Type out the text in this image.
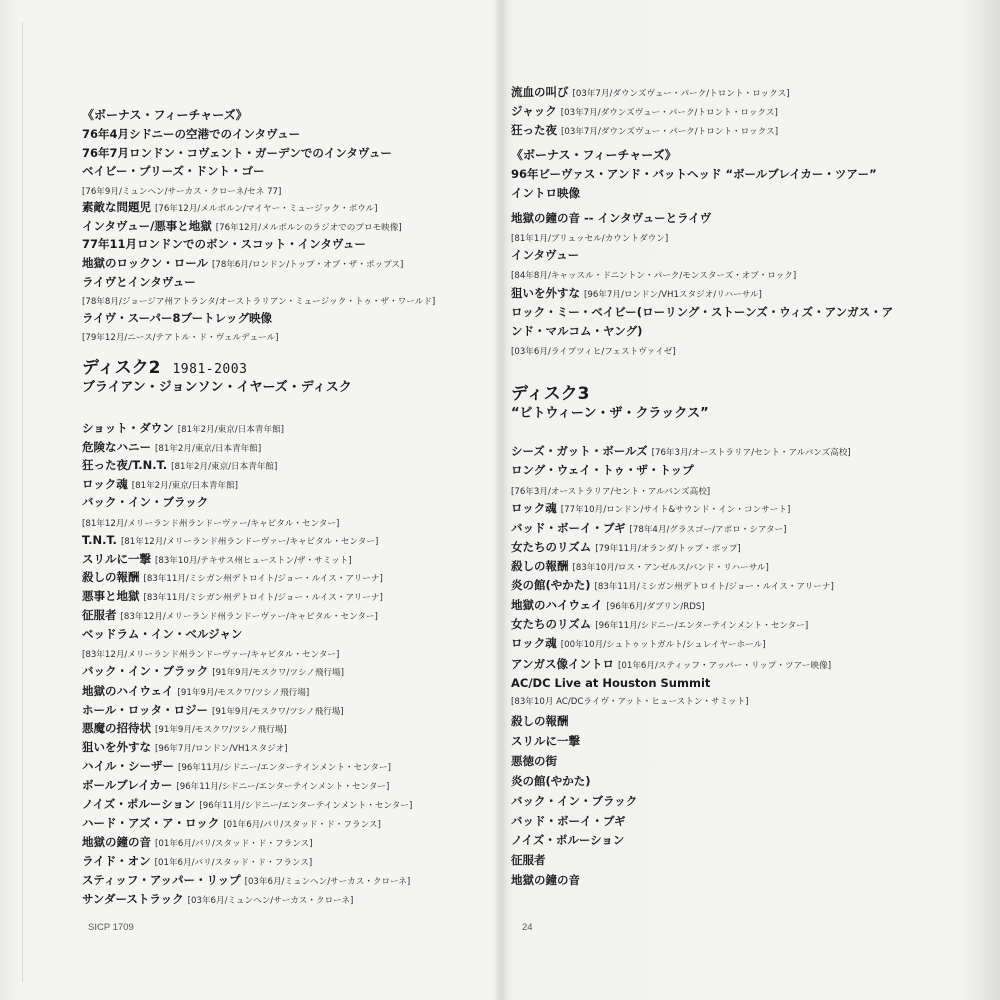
ディスク2 1981-2003
ブライアン・ジョンソン・イヤーズ・ディスク
《ボーナス・フィーチャーズ》
76年4月シドニーの空港でのインタヴュー
76年7月ロンドン・コヴェント・ガーデンでのインタヴュー
ベイビー・プリーズ・ドント・ゴー
[76年9月/ミュンヘン/サーカス・クローネ/セネ 77]
素敵な問題児 [76年12月/メルボルン/マイヤー・ミュージック・ボウル]
インタヴュー/悪事と地獄 [76年12月/メルボルンのラジオでのプロモ映像]
77年11月ロンドンでのボン・スコット・インタヴュー
地獄のロックン・ロール [78年6月/ロンドン/トップ・オブ・ザ・ポップス]
ライヴとインタヴュー
[78年8月/ジョージア州アトランタ/オーストラリアン・ミュージック・トゥ・ザ・ワールド]
ライヴ・スーパー8ブートレッグ映像
[79年12月/ニース/テアトル・ド・ヴェルデュール]
ショット・ダウン [81年2月/東京/日本青年館]
危険なハニー [81年2月/東京/日本青年館]
狂った夜/T.N.T. [81年2月/東京/日本青年館]
ロック魂 [81年2月/東京/日本青年館]
バック・イン・ブラック
[81年12月/メリーランド州ランドーヴァー/キャピタル・センター]
T.N.T. [81年12月/メリーランド州ランドーヴァー/キャピタル・センター]
スリルに一撃 [83年10月/テキサス州ヒューストン/ザ・サミット]
殺しの報酬 [83年11月/ミシガン州デトロイト/ジョー・ルイス・アリーナ]
悪事と地獄 [83年11月/ミシガン州デトロイト/ジョー・ルイス・アリーナ]
征服者 [83年12月/メリーランド州ランドーヴァー/キャピタル・センター]
ベッドラム・イン・ベルジャン
[83年12月/メリーランド州ランドーヴァー/キャピタル・センター]
バック・イン・ブラック [91年9月/モスクワ/ツシノ飛行場]
地獄のハイウェイ [91年9月/モスクワ/ツシノ飛行場]
ホール・ロッタ・ロジー [91年9月/モスクワ/ツシノ飛行場]
悪魔の招待状 [91年9月/モスクワ/ツシノ飛行場]
狙いを外すな [96年7月/ロンドン/VH1スタジオ]
ハイル・シーザー [96年11月/シドニー/エンターテインメント・センター]
ボールブレイカー [96年11月/シドニー/エンターテインメント・センター]
ノイズ・ポルーション [96年11月/シドニー/エンターテインメント・センター]
ハード・アズ・ア・ロック [01年6月/パリ/スタッド・ド・フランス]
地獄の鐘の音 [01年6月/パリ/スタッド・ド・フランス]
ライド・オン [01年6月/パリ/スタッド・ド・フランス]
スティッフ・アッパー・リップ [03年6月/ミュンヘン/サーカス・クローネ]
サンダーストラック [03年6月/ミュンヘン/サーカス・クローネ]
ディスク3
“ビトウィーン・ザ・クラックス”
流血の叫び [03年7月/ダウンズヴュー・パーク/トロント・ロックス]
ジャック [03年7月/ダウンズヴュー・パーク/トロント・ロックス]
狂った夜 [03年7月/ダウンズヴュー・パーク/トロント・ロックス]
《ボーナス・フィーチャーズ》
96年ビーヴァス・アンド・バットヘッド “ボールブレイカー・ツアー”
イントロ映像
地獄の鐘の音 -- インタヴューとライヴ
[81年1月/ブリュッセル/カウントダウン]
インタヴュー
[84年8月/キャッスル・ドニントン・パーク/モンスターズ・オブ・ロック]
狙いを外すな [96年7月/ロンドン/VH1スタジオ/リハーサル]
ロック・ミー・ベイビー(ローリング・ストーンズ・ウィズ・アンガス・ア
ンド・マルコム・ヤング)
[03年6月/ライプツィヒ/フェストヴァイゼ]
シーズ・ガット・ボールズ [76年3月/オーストラリア/セント・アルバンズ高校]
ロング・ウェイ・トゥ・ザ・トップ
[76年3月/オーストラリア/セント・アルバンズ高校]
ロック魂 [77年10月/ロンドン/サイト&サウンド・イン・コンサート]
バッド・ボーイ・ブギ [78年4月/グラスゴー/アポロ・シアター]
女たちのリズム [79年11月/オランダ/トップ・ポップ]
殺しの報酬 [83年10月/ロス・アンゼルス/バンド・リハーサル]
炎の館(やかた) [83年11月/ミシガン州デトロイト/ジョー・ルイス・アリーナ]
地獄のハイウェイ [96年6月/ダブリン/RDS]
女たちのリズム [96年11月/シドニー/エンターテインメント・センター]
ロック魂 [00年10月/シュトゥットガルト/シュレイヤーホール]
アンガス像イントロ [01年6月/スティッフ・アッパー・リップ・ツアー映像]
AC/DC Live at Houston Summit
[83年10月 AC/DCライヴ・アット・ヒューストン・サミット]
殺しの報酬
スリルに一撃
悪徳の街
炎の館(やかた)
バック・イン・ブラック
バッド・ボーイ・ブギ
ノイズ・ポルーション
征服者
地獄の鐘の音
SICP 1709	24
